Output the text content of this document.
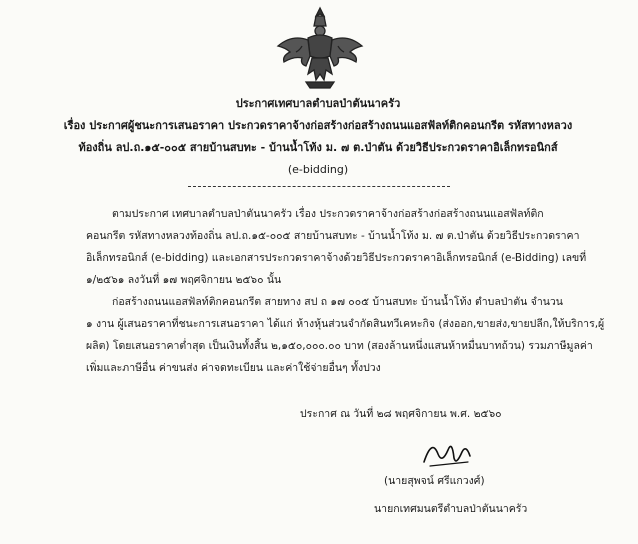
ประกาศเทศบาลตำบลป่าตันนาครัว
เรื่อง ประกาศผู้ชนะการเสนอราคา ประกวดราคาจ้างก่อสร้างก่อสร้างถนนแอสฟัลท์ติกคอนกรีต รหัสทางหลวง
ท้องถิ่น ลป.ถ.๑๕-๐๐๕ สายบ้านสบทะ - บ้านน้ำโท้ง ม. ๗ ต.ป่าตัน ด้วยวิธีประกวดราคาอิเล็กทรอนิกส์
(e-bidding)
ตามประกาศ เทศบาลตำบลป่าตันนาครัว เรื่อง ประกวดราคาจ้างก่อสร้างก่อสร้างถนนแอสฟัลท์ติก
คอนกรีต รหัสทางหลวงท้องถิ่น ลป.ถ.๑๕-๐๐๕ สายบ้านสบทะ - บ้านน้ำโท้ง ม. ๗ ต.ป่าตัน ด้วยวิธีประกวดราคา
อิเล็กทรอนิกส์ (e-bidding) และเอกสารประกวดราคาจ้างด้วยวิธีประกวดราคาอิเล็กทรอนิกส์ (e-Bidding) เลขที่
๑/๒๕๖๑ ลงวันที่ ๑๗ พฤศจิกายน ๒๕๖๐ นั้น
ก่อสร้างถนนแอสฟัลท์ติกคอนกรีต สายทาง สป ถ ๑๗ ๐๐๕ บ้านสบทะ บ้านน้ำโท้ง ตำบลป่าตัน จำนวน
๑ งาน ผู้เสนอราคาที่ชนะการเสนอราคา ได้แก่ ห้างหุ้นส่วนจำกัดสินทวีเคหะกิจ (ส่งออก,ขายส่ง,ขายปลีก,ให้บริการ,ผู้
ผลิต) โดยเสนอราคาต่ำสุด เป็นเงินทั้งสิ้น ๒,๑๕๐,๐๐๐.๐๐ บาท (สองล้านหนึ่งแสนห้าหมื่นบาทถ้วน) รวมภาษีมูลค่า
เพิ่มและภาษีอื่น ค่าขนส่ง ค่าจดทะเบียน และค่าใช้จ่ายอื่นๆ ทั้งปวง
ประกาศ ณ วันที่ ๒๘ พฤศจิกายน พ.ศ. ๒๕๖๐
(นายสุพจน์ ศรีแกวงศ์)
นายกเทศมนตรีตำบลป่าตันนาครัว
